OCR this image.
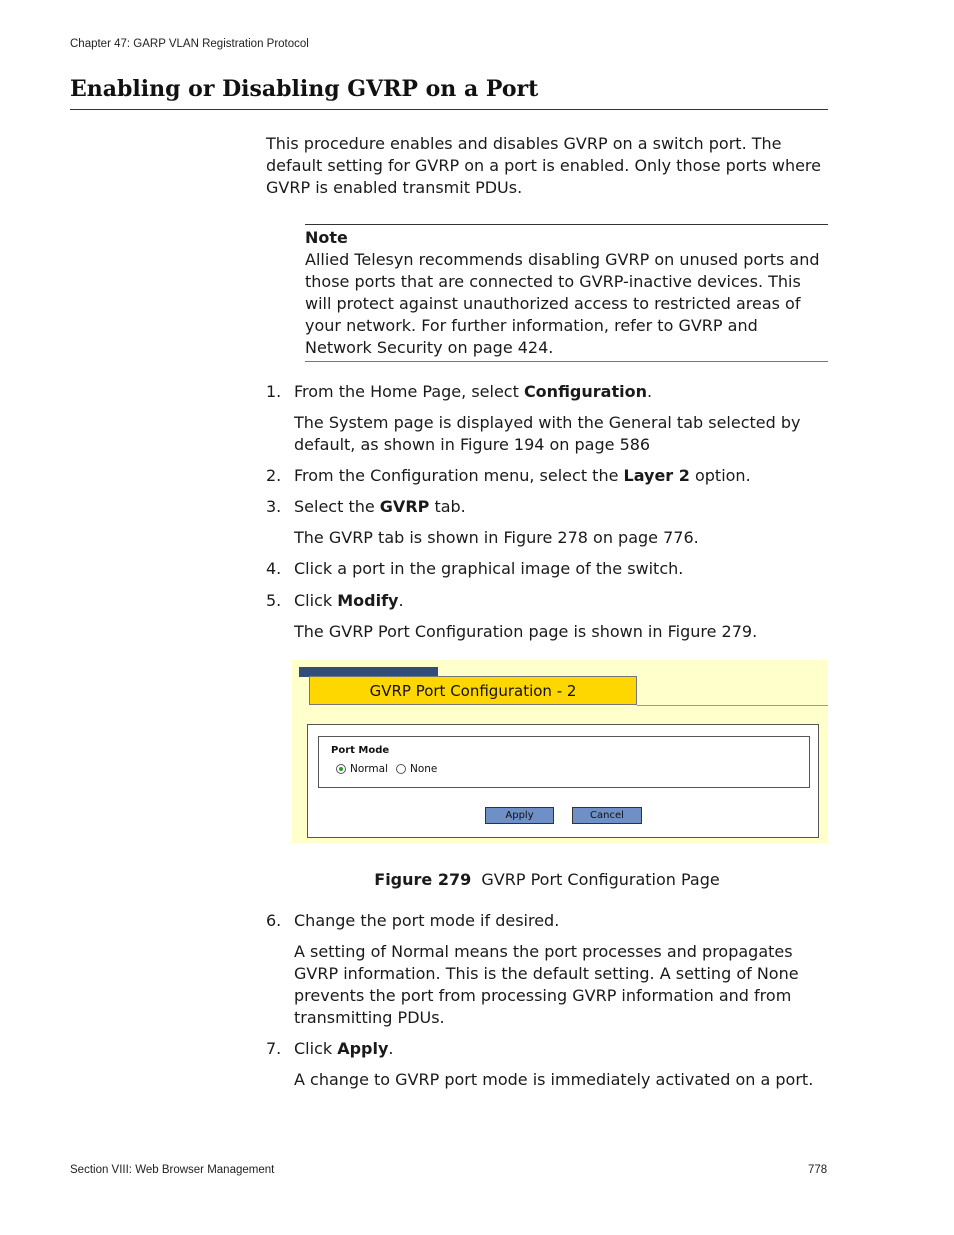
Chapter 47: GARP VLAN Registration Protocol
Enabling or Disabling GVRP on a Port

This procedure enables and disables GVRP on a switch port. The default setting for GVRP on a port is enabled. Only those ports where GVRP is enabled transmit PDUs.

Note
Allied Telesyn recommends disabling GVRP on unused ports and those ports that are connected to GVRP-inactive devices. This will protect against unauthorized access to restricted areas of your network. For further information, refer to GVRP and Network Security on page 424.
1. From the Home Page, select Configuration.

The System page is displayed with the General tab selected by default, as shown in Figure 194 on page 586

2. From the Configuration menu, select the Layer 2 option.
3. Select the GVRP tab.

The GVRP tab is shown in Figure 278 on page 776.

4. Click a port in the graphical image of the switch.
5. Click Modify.

The GVRP Port Configuration page is shown in Figure 279.

GVRP Port Configuration - 2
Port Mode
Normal None
Apply	Cancel
Figure 279 GVRP Port Configuration Page
6. Change the port mode if desired.

A setting of Normal means the port processes and propagates GVRP information. This is the default setting. A setting of None prevents the port from processing GVRP information and from transmitting PDUs.

7. Click Apply.

A change to GVRP port mode is immediately activated on a port.

Section VIII: Web Browser Management	778
